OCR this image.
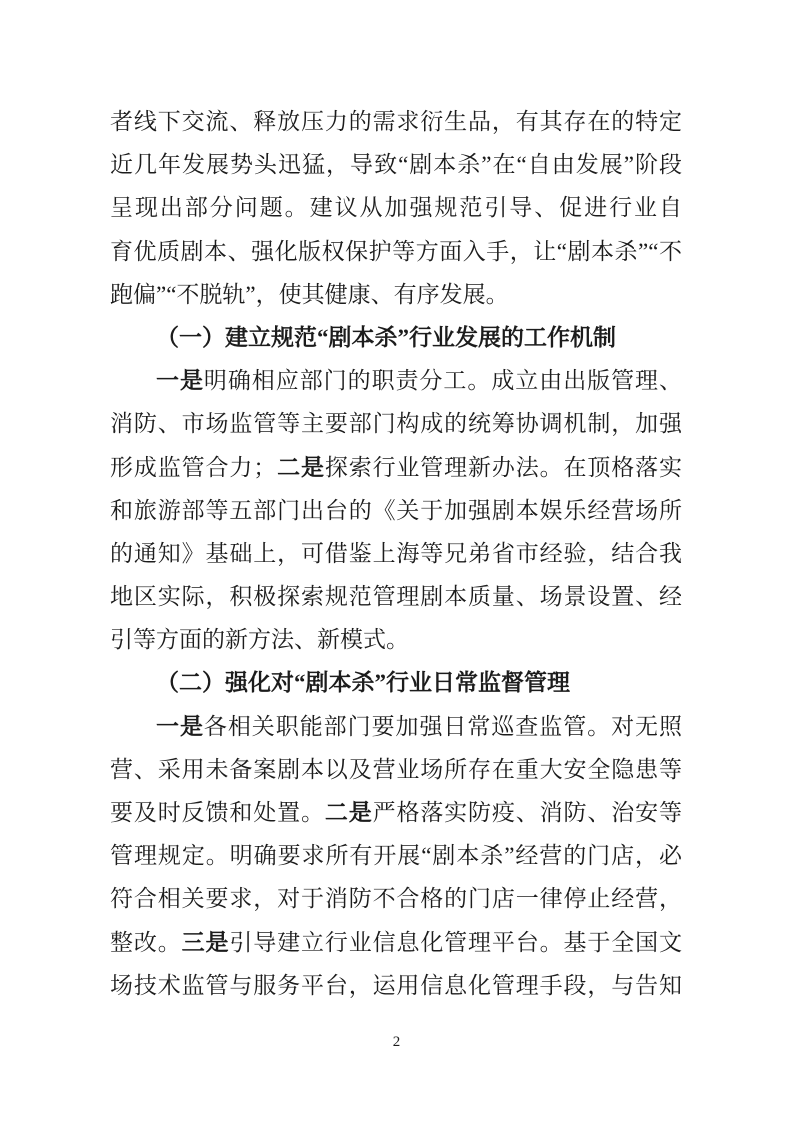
者线下交流、释放压力的需求衍生品，有其存在的特定
近几年发展势头迅猛，导致“剧本杀”在“自由发展”阶段
呈现出部分问题。建议从加强规范引导、促进行业自
育优质剧本、强化版权保护等方面入手，让“剧本杀”“不
跑偏”“不脱轨”，使其健康、有序发展。
（一）建立规范“剧本杀”行业发展的工作机制
一是明确相应部门的职责分工。成立由出版管理、
消防、市场监管等主要部门构成的统筹协调机制，加强
形成监管合力；二是探索行业管理新办法。在顶格落实
和旅游部等五部门出台的《关于加强剧本娱乐经营场所
的通知》基础上，可借鉴上海等兄弟省市经验，结合我
地区实际，积极探索规范管理剧本质量、场景设置、经
引等方面的新方法、新模式。
（二）强化对“剧本杀”行业日常监督管理
一是各相关职能部门要加强日常巡查监管。对无照
营、采用未备案剧本以及营业场所存在重大安全隐患等
要及时反馈和处置。二是严格落实防疫、消防、治安等
管理规定。明确要求所有开展“剧本杀”经营的门店，必
符合相关要求，对于消防不合格的门店一律停止经营，
整改。三是引导建立行业信息化管理平台。基于全国文
场技术监管与服务平台，运用信息化管理手段，与告知
2
